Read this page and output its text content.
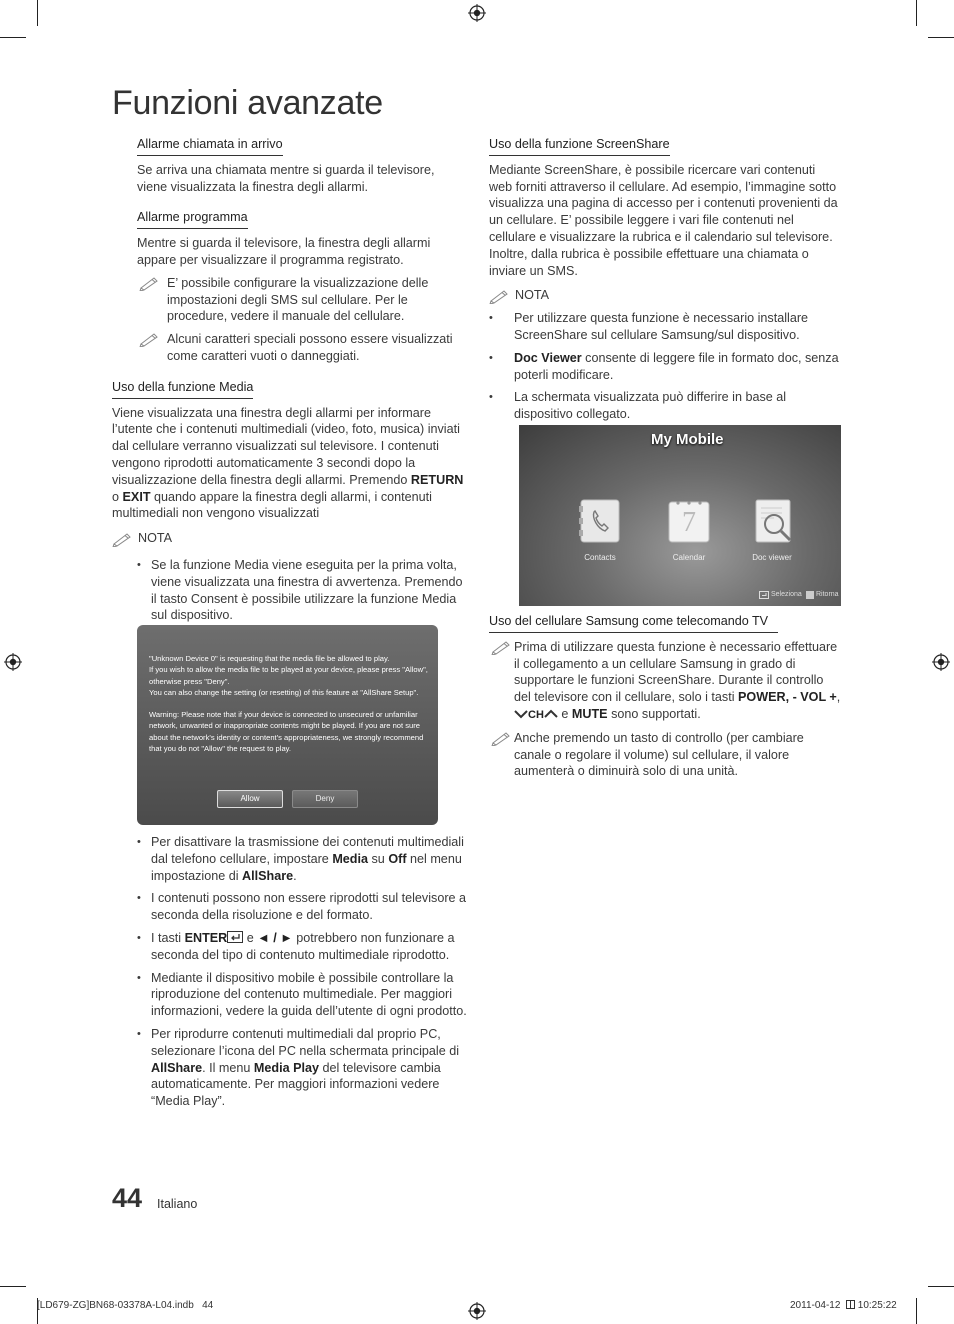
Funzioni avanzate
Allarme chiamata in arrivo

Se arriva una chiamata mentre si guarda il televisore, viene visualizzata la finestra degli allarmi.

Allarme programma

Mentre si guarda il televisore, la finestra degli allarmi appare per visualizzare il programma registrato.

E’ possibile configurare la visualizzazione delle impostazioni degli SMS sul cellulare. Per le procedure, vedere il manuale del cellulare.

Alcuni caratteri speciali possono essere visualizzati come caratteri vuoti o danneggiati.

Uso della funzione Media

Viene visualizzata una finestra degli allarmi per informare l’utente che i contenuti multimediali (video, foto, musica) inviati dal cellulare verranno visualizzati sul televisore. I contenuti vengono riprodotti automaticamente 3 secondi dopo la visualizzazione della finestra degli allarmi. Premendo RETURN o EXIT quando appare la finestra degli allarmi, i contenuti multimediali non vengono visualizzati

NOTA
• Se la funzione Media viene eseguita per la prima volta, viene visualizzata una finestra di avvertenza. Premendo il tasto Consent è possibile utilizzare la funzione Media sul dispositivo.
"Unknown Device 0" is requesting that the media file be allowed to play.
If you wish to allow the media file to be played at your device, please press "Allow", otherwise press "Deny".
You can also change the setting (or resetting) of this feature at "AllShare Setup".
Warning: Please note that if your device is connected to unsecured or unfamiliar network, unwanted or inappropriate contents might be played. If you are not sure about the network's identity or content's appropriateness, we strongly recommend that you do not "Allow" the request to play.
Allow	Deny
• Per disattivare la trasmissione dei contenuti multimediali dal telefono cellulare, impostare Media su Off nel menu impostazione di AllShare.
• I contenuti possono non essere riprodotti sul televisore a seconda della risoluzione e del formato.
• I tasti ENTER e ◄ / ► potrebbero non funzionare a seconda del tipo di contenuto multimediale riprodotto.
• Mediante il dispositivo mobile è possibile controllare la riproduzione del contenuto multimediale. Per maggiori informazioni, vedere la guida dell’utente di ogni prodotto.
• Per riprodurre contenuti multimediali dal proprio PC, selezionare l’icona del PC nella schermata principale di AllShare. Il menu Media Play del televisore cambia automaticamente. Per maggiori informazioni vedere “Media Play”.
Uso della funzione ScreenShare

Mediante ScreenShare, è possibile ricercare vari contenuti web forniti attraverso il cellulare. Ad esempio, l’immagine sotto visualizza una pagina di accesso per i contenuti provenienti da un cellulare. E’ possibile leggere i vari file contenuti nel cellulare e visualizzare la rubrica e il calendario sul televisore. Inoltre, dalla rubrica è possibile effettuare una chiamata o inviare un SMS.

NOTA
• Per utilizzare questa funzione è necessario installare ScreenShare sul cellulare Samsung/sul dispositivo.
• Doc Viewer consente di leggere file in formato doc, senza poterli modificare.
• La schermata visualizzata può differire in base al dispositivo collegato.
My Mobile
Contacts
7
Calendar	Doc viewer
Seleziona Ritorna
Uso del cellulare Samsung come telecomando TV

Prima di utilizzare questa funzione è necessario effettuare il collegamento a un cellulare Samsung in grado di supportare le funzioni ScreenShare. Durante il controllo del televisore con il cellulare, solo i tasti POWER, - VOL +, CH e MUTE sono supportati.

Anche premendo un tasto di controllo (per cambiare canale o regolare il volume) sul cellulare, il valore aumenterà o diminuirà solo di una unità.

44 Italiano
[LD679-ZG]BN68-03378A-L04.indb   44	2011-04-12 10:25:22
